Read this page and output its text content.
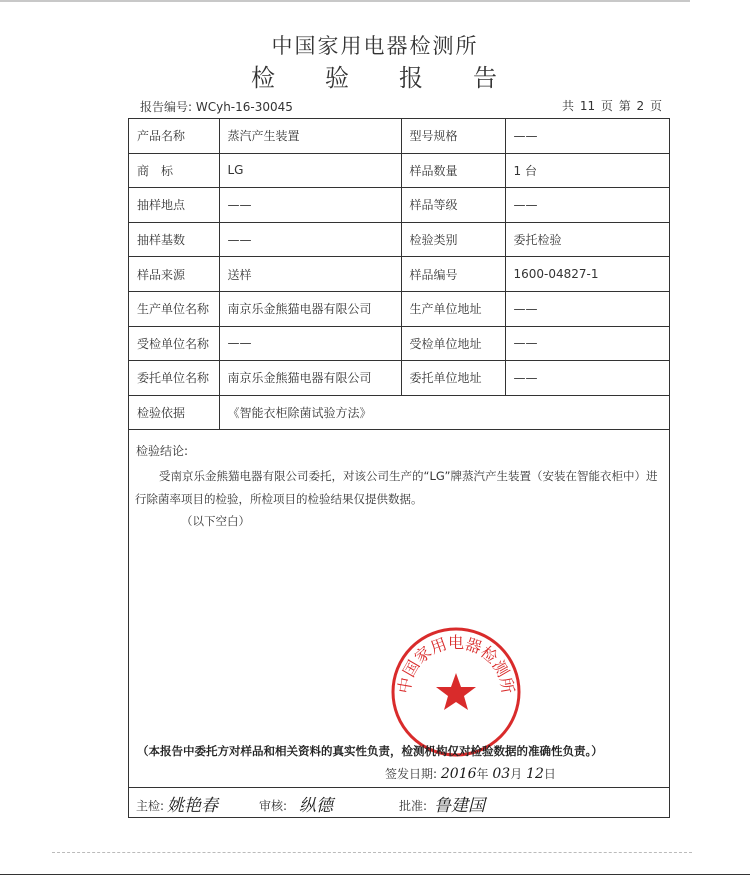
中国家用电器检测所
检 验 报 告
报告编号: WCyh-16-30045	共 11 页 第 2 页
产品名称	蒸汽产生装置	型号规格	——
商　标	LG	样品数量	1 台
抽样地点	——	样品等级	——
抽样基数	——	检验类别	委托检验
样品来源	送样	样品编号	1600-04827-1
生产单位名称	南京乐金熊猫电器有限公司	生产单位地址	——
受检单位名称	——	受检单位地址	——
委托单位名称	南京乐金熊猫电器有限公司	委托单位地址	——
检验依据	《智能衣柜除菌试验方法》		
检验结论:
受南京乐金熊猫电器有限公司委托，对该公司生产的“LG”牌蒸汽产生装置（安装在智能衣柜中）进行除菌率项目的检验，所检项目的检验结果仅提供数据。
（以下空白）
中国家用电器检测所
（本报告中委托方对样品和相关资料的真实性负责，检测机构仅对检验数据的准确性负责。）
签发日期: 2016年 03月 12日
主检: 姚艳春	审核: 纵德	批准: 鲁建国
